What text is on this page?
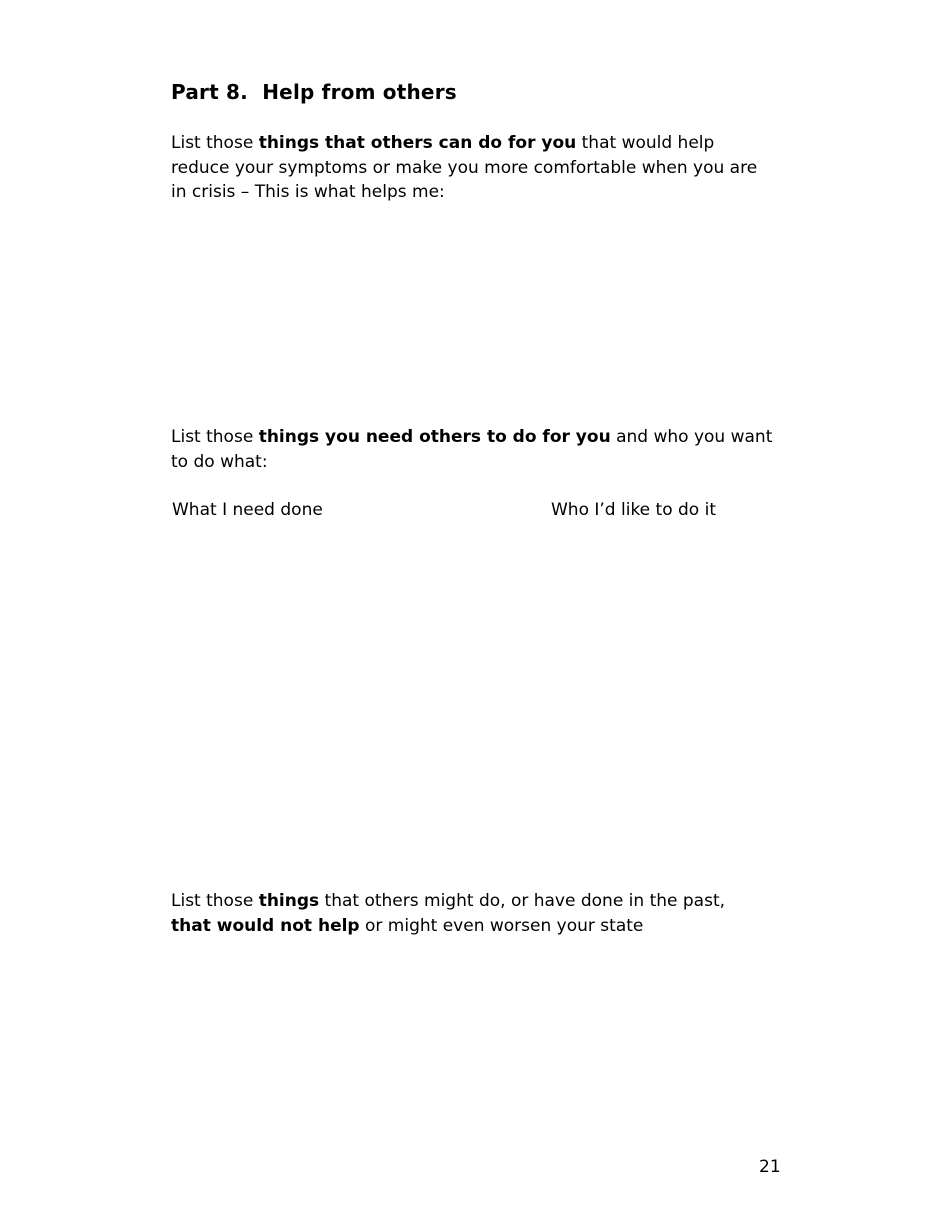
Part 8.  Help from others

List those things that others can do for you that would help reduce your symptoms or make you more comfortable when you are in crisis – This is what helps me:

List those things you need others to do for you and who you want to do what:

What I need done	Who I’d like to do it

List those things that others might do, or have done in the past, that would not help or might even worsen your state

21
